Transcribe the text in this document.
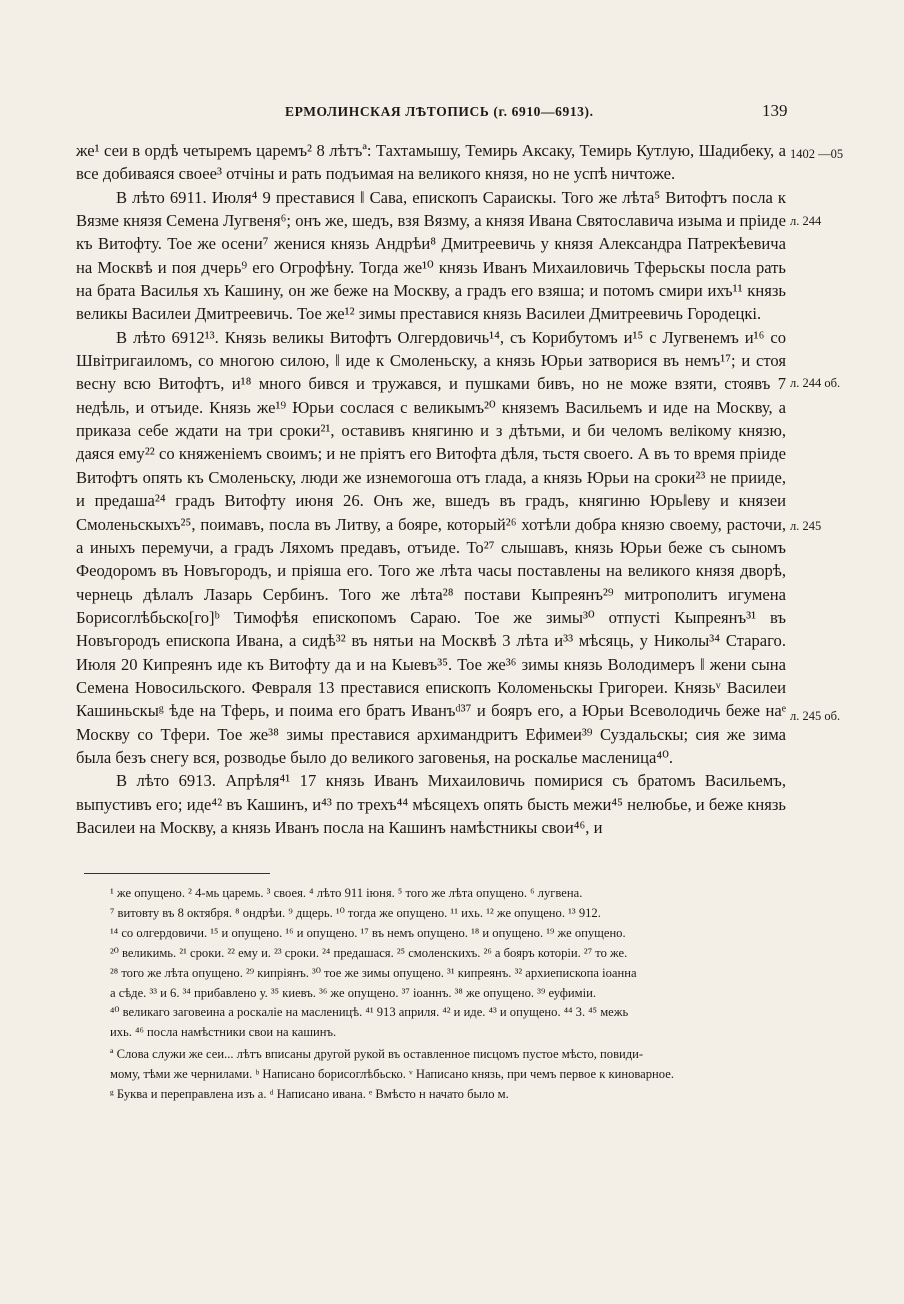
ЕРМОЛИНСКАЯ ЛѢТОПИСЬ (г. 6910—6913).	139
1402 —05
л. 244
л. 244 об.
л. 245
л. 245 об.

же¹ сеи в ордѣ четыремъ царемъ² 8 лѣтъª: Тахтамышу, Темирь Аксаку, Темирь Кутлую, Шадибеку, а все добиваяся своее³ отчіны и рать подъимая на великого князя, но не успѣ ничтоже.

В лѣто 6911. Июля⁴ 9 преставися ‖ Сава, епископъ Сараискы. Того же лѣта⁵ Витофтъ посла к Вязме князя Семена Лугвеня⁶; онъ же, шедъ, взя Вязму, а князя Ивана Святославича изыма и пріиде къ Витофту. Тое же осени⁷ женися князь Андрѣи⁸ Дмитреевичь у князя Александра Патрекѣевича на Москвѣ и поя дчерь⁹ его Огрофѣну. Тогда же¹⁰ князь Иванъ Михаиловичь Тферьскы посла рать на брата Василья хъ Кашину, он же беже на Москву, а градъ его взяша; и потомъ смири ихъ¹¹ князь великы Василеи Дмитреевичь. Тое же¹² зимы преставися князь Василеи Дмитреевичь Городецкі.

В лѣто 6912¹³. Князь великы Витофтъ Олгердовичь¹⁴, съ Корибутомъ и¹⁵ с Лугвенемъ и¹⁶ со Швітригаиломъ, со многою силою, ‖ иде к Смоленьску, а князь Юрьи затворися въ немъ¹⁷; и стоя весну всю Витофтъ, и¹⁸ много бився и тружався, и пушками бивъ, но не може взяти, стоявъ 7 недѣль, и отъиде. Князь же¹⁹ Юрьи сослася с великымъ²⁰ княземъ Васильемъ и иде на Москву, а приказа себе ждати на три сроки²¹, оставивъ княгиню и з дѣтьми, и би челомъ велікому князю, даяся ему²² со княженіемъ своимъ; и не пріятъ его Витофта дѣля, тьстя своего. А въ то время пріиде Витофтъ опять къ Смоленьску, люди же изнемогоша отъ глада, а князь Юрьи на сроки²³ не прииде, и предаша²⁴ градъ Витофту июня 26. Онъ же, вшедъ въ градъ, княгиню Юрь‖еву и князеи Смоленьскыхъ²⁵, поимавъ, посла въ Литву, а бояре, который²⁶ хотѣли добра князю своему, расточи, а иныхъ перемучи, а градъ Ляхомъ предавъ, отъиде. То²⁷ слышавъ, князь Юрьи беже съ сыномъ Феодоромъ въ Новъгородъ, и пріяша его. Того же лѣта часы поставлены на великого князя дворѣ, чернець дѣлалъ Лазарь Сербинъ. Того же лѣта²⁸ постави Кыпреянъ²⁹ митрополитъ игумена Борисоглѣбьско[го]ᵇ Тимофѣя епископомъ Сараю. Тое же зимы³⁰ отпустi Кыпреянъ³¹ въ Новъгородъ епископа Ивана, а сидѣ³² въ нятьи на Москвѣ 3 лѣта и³³ мѣсяць, у Николы³⁴ Стараго. Июля 20 Кипреянъ иде къ Витофту да и на Кыевъ³⁵. Тое же³⁶ зимы князь Володимеръ ‖ жени сына Семена Новосильского. Февраля 13 преставися епископъ Коломеньскы Григореи. Князьᵛ Василеи Кашиньскыᵍ ѣде на Тферь, и поима его братъ Иванъᵈ³⁷ и бояръ его, а Юрьи Всеволодичь беже наᵉ Москву со Тфери. Тое же³⁸ зимы преставися архимандритъ Ефимеи³⁹ Суздальскы; сия же зима была безъ снегу вся, розводье было до великого заговенья, на роскалье масленица⁴⁰.

В лѣто 6913. Апрѣля⁴¹ 17 князь Иванъ Михаиловичь помирися съ братомъ Васильемъ, выпустивъ его; иде⁴² въ Кашинъ, и⁴³ по трехъ⁴⁴ мѣсяцехъ опять бысть межи⁴⁵ нелюбье, и беже князь Василеи на Москву, а князь Иванъ посла на Кашинъ намѣстникы свои⁴⁶, и

¹ же опущено. ² 4-мь царемь. ³ своея. ⁴ лѣто 911 іюня. ⁵ того же лѣта опущено. ⁶ лугвена.
⁷ витовту въ 8 октября. ⁸ ондрѣи. ⁹ дщерь. ¹⁰ тогда же опущено. ¹¹ ихь. ¹² же опущено. ¹³ 912.
¹⁴ со олгердовичи. ¹⁵ и опущено. ¹⁶ и опущено. ¹⁷ въ немъ опущено. ¹⁸ и опущено. ¹⁹ же опущено.
²⁰ великимь. ²¹ сроки. ²² ему и. ²³ сроки. ²⁴ предашася. ²⁵ смоленскихъ. ²⁶ а бояръ которіи. ²⁷ то же.
²⁸ того же лѣта опущено. ²⁹ кипріянъ. ³⁰ тое же зимы опущено. ³¹ кипреянъ. ³² архиепископа іоанна
а сѣде. ³³ и 6. ³⁴ прибавлено у. ³⁵ киевъ. ³⁶ же опущено. ³⁷ іоаннъ. ³⁸ же опущено. ³⁹ еуфиміи.
⁴⁰ великаго заговеина а роскаліе на масленицѣ. ⁴¹ 913 априля. ⁴² и иде. ⁴³ и опущено. ⁴⁴ 3. ⁴⁵ межь
ихь. ⁴⁶ посла намѣстники свои на кашинъ.
ª Слова служи же сеи... лѣтъ вписаны другой рукой въ оставленное писцомъ пустое мѣсто, повиди-
мому, тѣми же чернилами. ᵇ Написано борисоглѣбьско. ᵛ Написано князь, при чемъ первое к киноварное.
ᵍ Буква и переправлена изъ а. ᵈ Написано ивана. ᵉ Вмѣсто н начато было м.
